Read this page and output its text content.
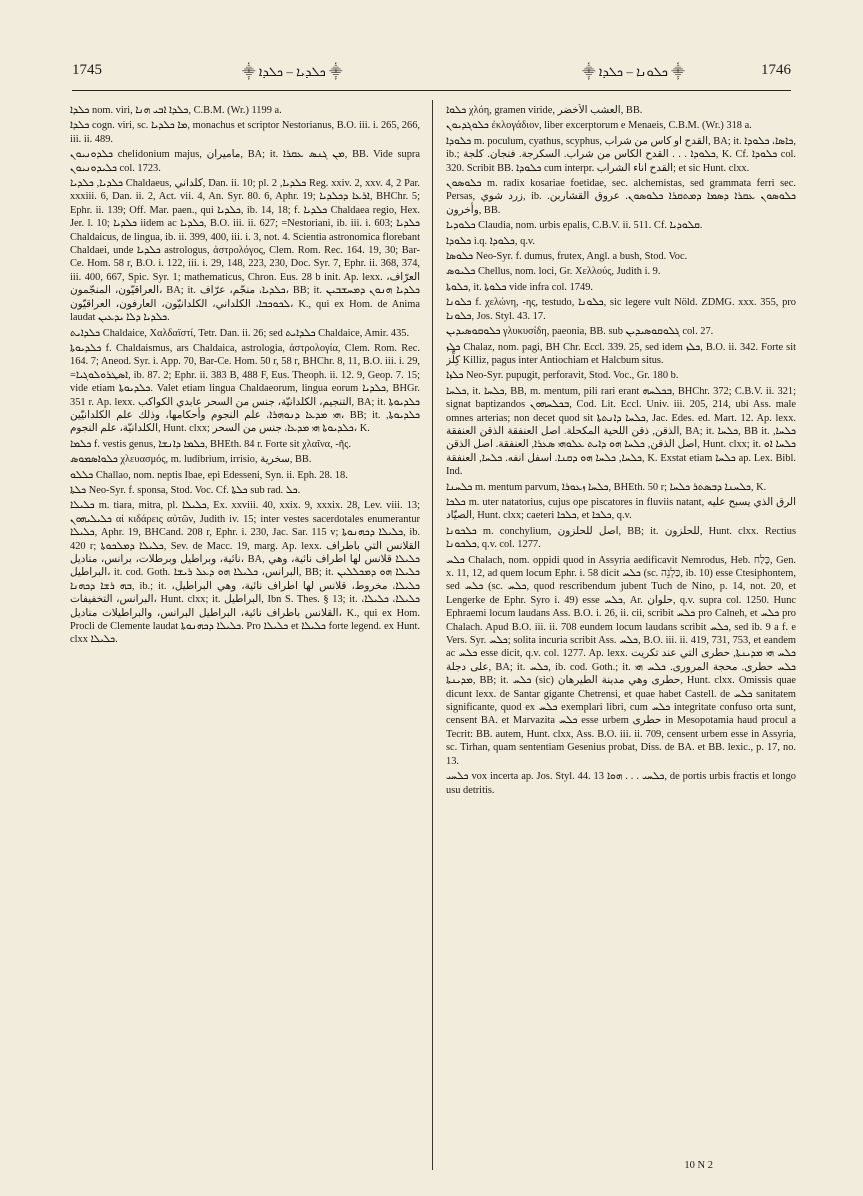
1745	⸎ ܟܠܕܝܐ ‒ ܟܠܕܐ ⸎	⸎ ܟܠܘܢܐ ‒ ܟܠܕܐ ⸎	1746

ܟܠܕܐ nom. viri, ܟܠܕܐ ܐܒܝ ܗܢܐ, C.B.M. (Wr.) 1199 a.

ܟܠܕܐ cogn. viri, sc. ܡܐ ܟܠܕܝܐ, monachus et scriptor Nestorianus, B.O. iii. i. 265, 266, iii. ii. 489.

ܟܠܕܘܢܝܘܢ chelidonium majus, ماميران, BA; it. ܡܢ ܓܢܣ ܥܩܪܐ, BB. Vide supra ܟܠܝܕܘܢܝܘܢ col. 1723.

ܟܠܕܝܐ, ܟܠܕܝܐ Chaldaeus, كلداني, Dan. ii. 10; pl. ܟܠܕܝܐ, 2 Reg. xxiv. 2, xxv. 4, 2 Par. xxxiii. 6, Dan. ii. 2, Act. vii. 4, An. Syr. 80. 6, Aphr. 19; ܐܪܥܐ ܕܟܠܕܝܐ, BHChr. 5; Ephr. ii. 139; Off. Mar. paen., qui ܟܠܕܝܐ, ib. 14, 18; f. ܟܠܕܝܐ Chaldaea regio, Hex. Jer. l. 10; ܟܠܕܝܐ iidem ac ܟܠܕܝܐ, B.O. iii. ii. 627; =Nestoriani, ib. iii. i. 603; ܟܠܕܝܐ Chaldaicus, de lingua, ib. ii. 399, 400, iii. i. 3, not. 4. Scientia astronomica florebant Chaldaei, unde ܟܠܕܝܐ astrologus, ἀστρολόγος, Clem. Rom. Rec. 164. 19, 30; Bar-Ce. Hom. 58 r, B.O. i. 122, iii. i. 29, 148, 223, 230, Doc. Syr. 7, Ephr. ii. 368, 374, iii. 400, 667, Spic. Syr. 1; mathematicus, Chron. Eus. 28 b init. Ap. lexx. العرّاف، العراقيّون، المنجّمون، BA; it. ܟܠܕܝܐ، منجّم، عرّاف، BB; it. ܟܠܕܝܐ ܗܢܘܢ ܕܡܚܫܒܝܢ ܠܟܘܟܒܐ، الكلداني، الكلدانيّون، العارفون، العراقيّون، K., qui ex Hom. de Anima laudat ܟܠܕܝܐ ܕܠܐ ܝܕܥܝܢ.

ܟܠܕܐܝܬ Chaldaice, Χαλδαϊστί, Tetr. Dan. ii. 26; sed ܟܠܕܐܝܬ Chaldaice, Amir. 435.

ܟܠܕܝܘܬܐ f. Chaldaismus, ars Chaldaica, astrologia, ἀστρολογία, Clem. Rom. Rec. 164. 7; Aneod. Syr. i. App. 70, Bar-Ce. Hom. 50 r, 58 r, BHChr. 8, 11, B.O. iii. i. 29, =ܐܣܛܪܘܠܘܓܝܐ, ib. 87. 2; Ephr. ii. 383 B, 488 F, Eus. Theoph. ii. 12. 9, Geop. 7. 15; vide etiam ܟܠܕܝܘܬܐ. Valet etiam lingua Chaldaeorum, lingua eorum ܟܠܕܝܐ, BHGr. 351 r. Ap. lexx. التنجيم، الكلدانيّة، جنس من السحر عابدي الكواكب, BA; it. ܟܠܕܝܘܬܐ ܗܝ ܡܕܥܐ ܕܢܘܗܪܐ، علم النجوم وأحكامها، وذلك علم الكلدانيّين، BB; it. ܟܠܕܝܘܬܐ, الكلدانيّة، علم النجوم, Hunt. clxx; ܟܠܕܝܘܬܐ ܗܝ ܡܕܥܐ، جنس من السحر، K.

ܟܠܡܐ f. vestis genus, ܟܠܡܐ ܕܐܢܫܐ, BHEth. 84 r. Forte sit χλαῖνα, -ῆς.

ܟܠܘܐܣܡܘܣ χλευασμός, m. ludibrium, irrisio, سخرية, BB.

ܟܠܠܘ Challao, nom. neptis Ibae, epi Edesseni, Syn. ii. Eph. 28. 18.

ܟܠܬܐ Neo-Syr. f. sponsa, Stod. Voc. Cf. ܟܠܬܐ sub rad. ܟܠ.

ܟܠܝܠܐ m. tiara, mitra, pl. ܟܠܝܠܐ, Ex. xxviii. 40, xxix. 9, xxxix. 28, Lev. viii. 13; ܟܠܝܠܝܗܘܢ αἱ κιδάρεις αὐτῶν, Judith iv. 15; inter vestes sacerdotales enumerantur ܟܠܝܠܐ, Aphr. 19, BHCand. 208 r, Ephr. i. 230, Jac. Sar. 115 v; ܟܠܝܠܐ ܕܟܗܢܘܬܐ, ib. 420 r; ܟܠܝܠܐ ܕܡܠܟܘܬܐ, Sev. de Macc. 19, marg. Ap. lexx. القلانس التي باطراف نائية، وبراطيل وبرطلات، برانس، مناديل، BA, ܟܠܝܠܐ قلانس لها اطراف نائية، وهي البراطيل، it. cod. Goth. البرانس، ܟܠܝܠܐ ܗܘ ܕܥܠ ܪܝܫܐ, BB; it. ܟܠܝܠܐ ܗܘ ܕܡܟܠܠܝܢ ܒܗ ܪܫܐ ܕܟܗܢܐ, ib.; it. ܟܠܝܠܐ، مخروط، قلانس لها اطراف نائية، وهي البراطيل، البرانس، التخفيفات، Hunt. clxx; it. البراطيل, Ibn S. Thes. § 13; it. ܟܠܝܠܐ، ܟܠܝܠܐ، القلانس باطراف نائية، البراطيل البرانس، والبراطيلات مناديل، K., qui ex Hom. Procli de Clemente laudat ܟܠܝܠܐ ܕܟܗܢܘܬܐ. Pro ܟܠܝܠܐ et ܟܠܝܠܐ forte legend. ex Hunt. clxx ܟܠܝܠܐ.

ܟܠܘܐ χλόη, gramen viride, العشب الأخضر, BB.

ܟܠܘܓܕܝܘܢ ἐκλογάδιον, liber excerptorum e Menaeis, C.B.M. (Wr.) 318 a.

ܟܠܘܕܐ m. poculum, cyathus, scyphus, القدح او كاس من شراب, BA; it. ܟܐܣܐ، ܟܠܘܕܐ, ib.; ܟܠܘܕܐ . . . القدح الكاس من شراب. السكرجة. فنجان. كلجة, K. Cf. ܟܠܘܕܐ col. 320. Scribit BB. ܟܠܘܕܐ cum interpr. القدح اناء الشراب; et sic Hunt. clxx.

ܟܠܘܣܘܢ m. radix kosariae foetidae, sec. alchemistas, sed grammata ferri sec. Persas, زرد شوي, ib. ܟܠܘܣܘܢ ܥܩܪܐ ܕܣܡܐ ܕܡܬܩܪܐ ܟܠܘܣܘܢ. عروق القشاربن. وأخرون, BB.

ܟܠܘܕܝܐ Claudia, nom. urbis epalis, C.B.V. ii. 511. Cf. ܩܠܘܕܝܐ.

ܟܠܘܕܐ i.q. ܟܠܘܕܐ, q.v.

ܟܠܘܣܐ Neo-Syr. f. dumus, frutex, Angl. a bush, Stod. Voc.

ܟܠܝܘܣ Chellus, nom. loci, Gr. Χελλούς, Judith i. 9.

ܟܠܘܬܐ, it. ܟܠܘܬܐ vide infra col. 1749.

ܟܠܘܢܐ f. χελώνη, -ης, testudo, ܟܠܘܢܐ, sic legere vult Nöld. ZDMG. xxx. 355, pro ܟܠܘܢܐ, Jos. Styl. 43. 17.

ܟܠܘܩܘܣܝܕܝܢ γλυκυσίδη, paeonia, BB. sub ܓܠܘܩܘܣܝܕܝܢ col. 27.

ܟܠܙ Chalaz, nom. pagi, BH Chr. Eccl. 339. 25, sed idem ܟܠܙ, B.O. ii. 342. Forte sit كِلِّز Killiz, pagus inter Antiochiam et Halcbum situs.

ܟܠܙܐ Neo-Syr. pupugit, perforavit, Stod. Voc., Gr. 180 b.

ܟܠܚܐ, it. ܟܠܚܐ, BB, m. mentum, pili rari erant ܒܟܠܚܗ, BHChr. 372; C.B.V. ii. 321; signat baptizandos ܒܟܠܚܗܘܢ, Cod. Lit. Eccl. Univ. iii. 205, 214, ubi Ass. male omnes arterias; non decet quod sit ܟܠܚܐ ܕܐܢܬܬܐ, Jac. Edes. ed. Mart. 12. Ap. lexx. الذقن, ذقن اللحية المكحلة. اصل العنفقة الذقن العنفقة, BA; it. ܟܠܚܐ, BB it. ܟܠܚܐ, اصل الذقن, ܟܠܚܐ ܗܘ ܕܐܝܬ ܥܠܘܗܝ ܣܥܪܐ, العنفقة. اصل الذقن, Hunt. clxx; it. ܟܠܚܐ ܐܘ ܟܠܚܐ, ܟܠܚܐ ܗܘ ܕܩܢܐ. اسفل انفه. ܟܠܚܐ, العنفقة, K. Exstat etiam ܟܠܚܐ ap. Lex. Bibl. Ind.

ܟܠܚܢܐ m. mentum parvum, ܟܠܚܐ ܙܥܘܪܐ, BHEth. 50 r; ܟܠܚܢܐ ܕܒܣܬܪ ܟܠܚܐ, K.

ܟܠܟܐ m. uter natatorius, cujus ope piscatores in fluviis natant, الرق الذي يسبح عليه الصيّاد, Hunt. clxx; caeteri ܟܠܟܐ, et ܟܠܟܐ, q.v.

ܟܠܟܘܢܐ m. conchylium, اصل للحلزون, BB; it. للحلزون, Hunt. clxx. Rectius ܟܠܟܘܢܐ, q.v. col. 1277.

ܟܠܚ Chalach, nom. oppidi quod in Assyria aedificavit Nemrodus, Heb. כָּלַח, Gen. x. 11, 12, ad quem locum Ephr. i. 58 dicit ܟܠܚ (sc. כַּלְנֵה, ib. 10) esse Ctesiphontem, sed ܟܠܚ (sc. ܟܠܚ, quod rescribendum jubent Tuch de Nino, p. 14, not. 20, et Lengerke de Ephr. Syro i. 49) esse ܟܠܚ, Ar. حلوان, q.v. supra col. 1250. Hunc Ephraemi locum laudans Ass. B.O. i. 26, ii. cii, scribit ܟܠܚ pro Calneh, et ܟܠܚ pro Chalach. Apud B.O. iii. ii. 708 eundem locum laudans scribit ܟܠܚ, sed ib. 9 a f. e Vers. Syr. ܟܠܚ; solita incuria scribit Ass. ܟܠܚ, B.O. iii. ii. 419, 731, 753, et eandem ac ܟܠܚ esse dicit, q.v. col. 1277. Ap. lexx. ܟܠܚ ܗܝ ܡܕܝܢܬܐ, حطرى التي عند تكريت على دجلة, BA; it. ܟܠܚ, ib. cod. Goth.; it. ܟܠܚ حطرى. محجة المرورى. ܟܠܚ ܗܝ ܡܕܝܢܬܐ, BB; it. ܟܠܚ (sic) حطرى وهي مدينة الطيرهان, Hunt. clxx. Omissis quae dicunt lexx. de Santar gigante Chetrensi, et quae habet Castell. de ܟܠܚ sanitatem significante, quod ex ܟܠܚ exemplari libri, cum ܟܠܚ integritate confuso orta sunt, censent BA. et Marvazita ܟܠܚ esse urbem حطرى in Mesopotamia haud procul a Tecrit: BB. autem, Hunt. clxx, Ass. B.O. iii. ii. 709, censent urbem esse in Assyria, sc. Tirhan, quam sententiam Gesenius probat, Diss. de BA. et BB. lexic., p. 17, no. 13.

ܟܠܚܝ vox incerta ap. Jos. Styl. 44. 13 ܟܠܚܝ . . . ܗܘܐ, de portis urbis fractis et longo usu detritis.

10 N 2
